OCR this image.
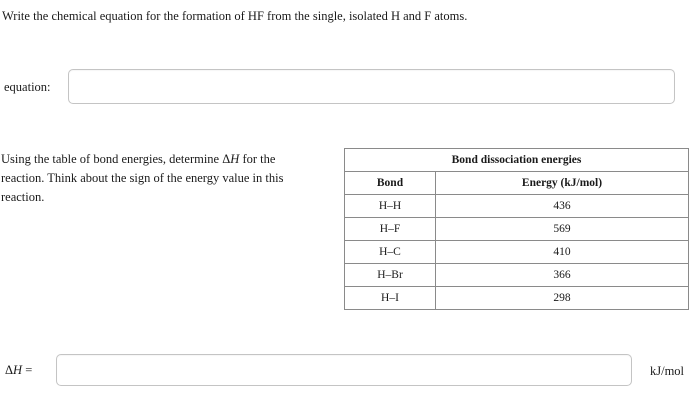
Write the chemical equation for the formation of HF from the single, isolated H and F atoms.
equation:
Using the table of bond energies, determine ΔH for the reaction. Think about the sign of the energy value in this reaction.
Bond dissociation energies	
Bond	Energy (kJ/mol)
H–H	436
H–F	569
H–C	410
H–Br	366
H–I	298
ΔH =	kJ/mol
